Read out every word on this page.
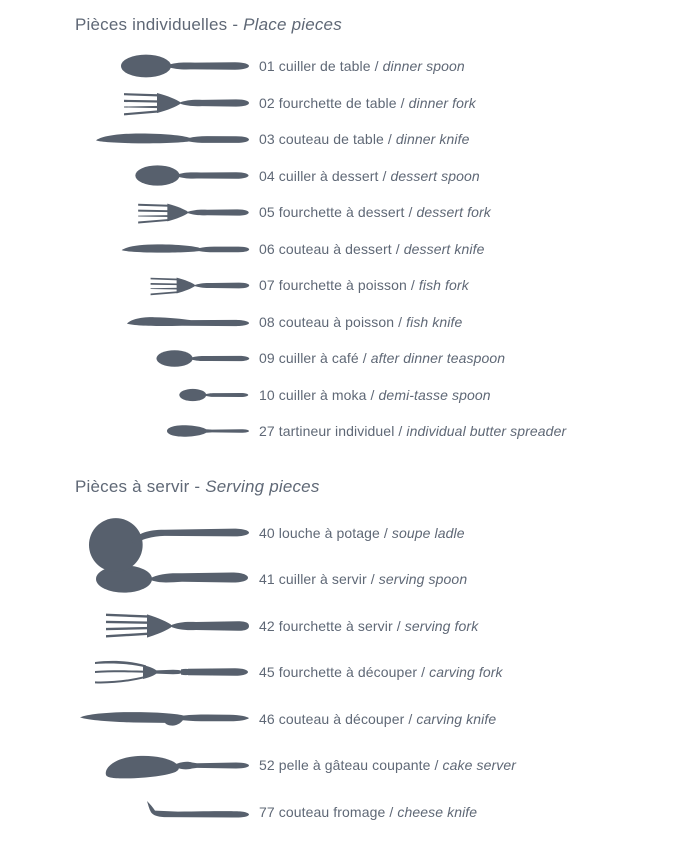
Pièces individuelles - Place pieces

01 cuiller de table / dinner spoon

02 fourchette de table / dinner fork

03 couteau de table / dinner knife

04 cuiller à dessert / dessert spoon

05 fourchette à dessert / dessert fork

06 couteau à dessert / dessert knife

07 fourchette à poisson / fish fork

08 couteau à poisson / fish knife

09 cuiller à café / after dinner teaspoon

10 cuiller à moka / demi-tasse spoon

27 tartineur individuel / individual butter spreader

Pièces à servir - Serving pieces

40 louche à potage / soupe ladle

41 cuiller à servir / serving spoon

42 fourchette à servir / serving fork

45 fourchette à découper / carving fork

46 couteau à découper / carving knife

52 pelle à gâteau coupante / cake server

77 couteau fromage / cheese knife
